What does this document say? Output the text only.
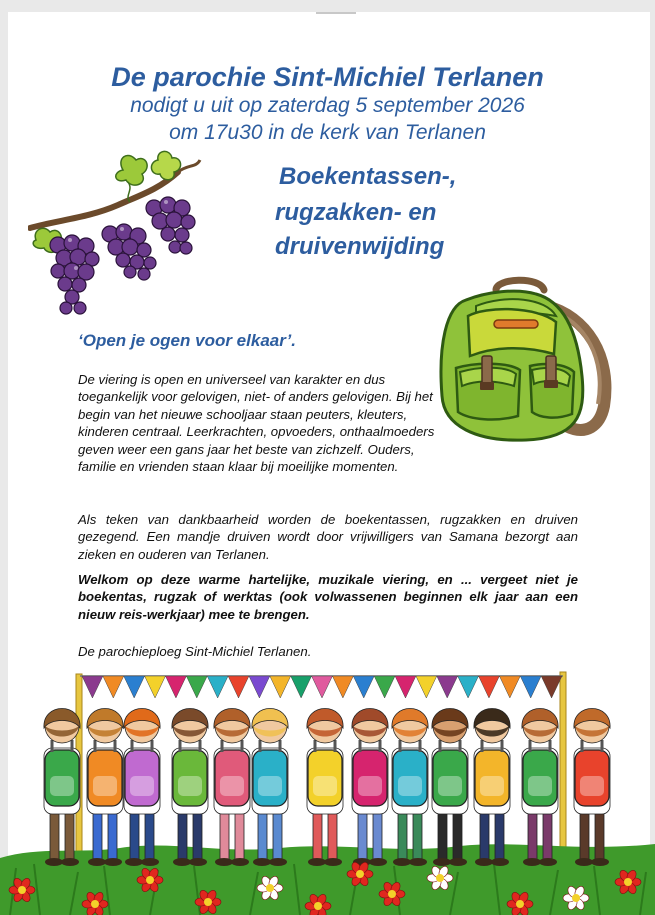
De parochie Sint-Michiel Terlanen
nodigt u uit op zaterdag 5 september 2026
om 17u30 in de kerk van Terlanen
Boekentassen-,
rugzakken- en
druivenwijding
‘Open je ogen voor elkaar’.
De viering is open en universeel van karakter en dus toegankelijk voor gelovigen, niet- of anders gelovigen. Bij het begin van het nieuwe schooljaar staan peuters, kleuters, kinderen centraal. Leerkrachten, opvoeders, onthaalmoeders geven weer een gans jaar het beste van zichzelf. Ouders, familie en vrienden staan klaar bij moeilijke momenten.
Als teken van dankbaarheid worden de boekentassen, rugzakken en druiven gezegend. Een mandje druiven wordt door vrijwilligers van Samana bezorgt aan zieken en ouderen van Terlanen.
Welkom op deze warme hartelijke, muzikale viering, en ... vergeet niet je boekentas, rugzak of werktas (ook volwassenen beginnen elk jaar aan een nieuw reis-werkjaar) mee te brengen.
De parochieploeg Sint-Michiel Terlanen.
